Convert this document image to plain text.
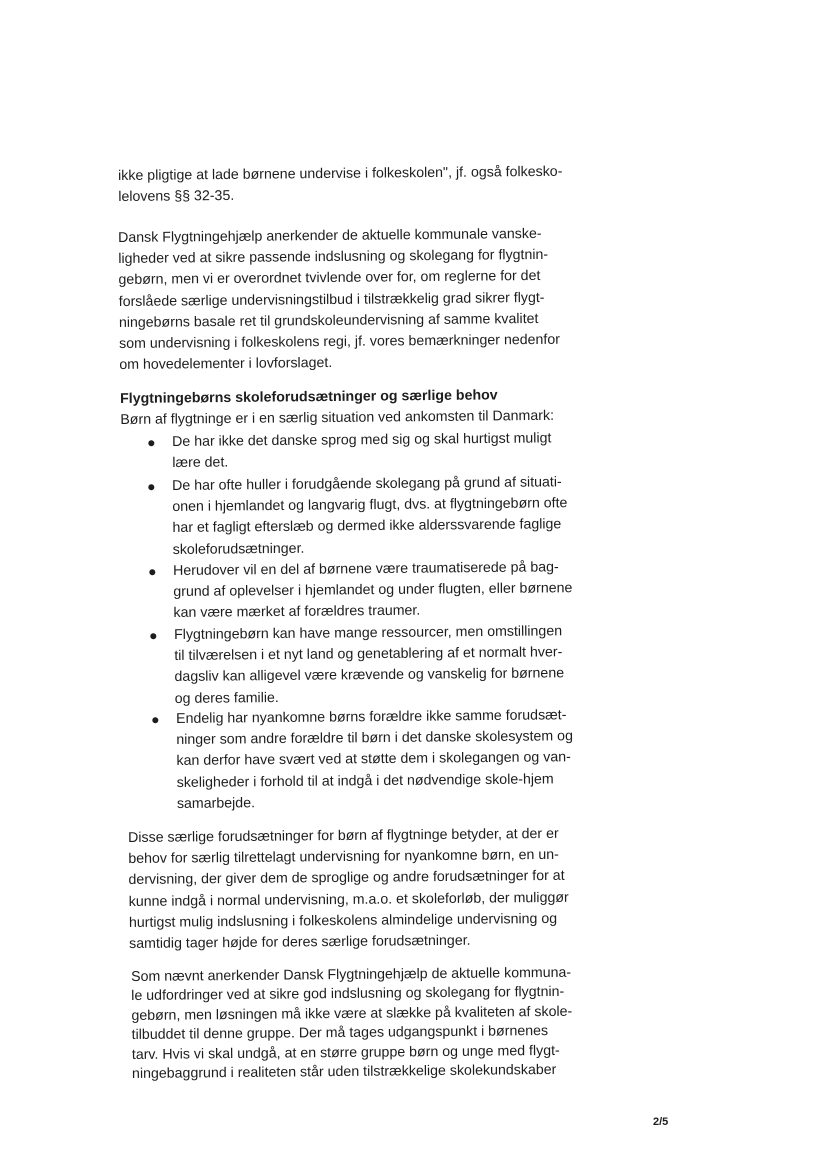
ikke pligtige at lade børnene undervise i folkeskolen", jf. også folkesko-
lelovens §§ 32-35.
Dansk Flygtningehjælp anerkender de aktuelle kommunale vanske-
ligheder ved at sikre passende indslusning og skolegang for flygtnin-
gebørn, men vi er overordnet tvivlende over for, om reglerne for det
forslåede særlige undervisningstilbud i tilstrækkelig grad sikrer flygt-
ningebørns basale ret til grundskoleundervisning af samme kvalitet
som undervisning i folkeskolens regi, jf. vores bemærkninger nedenfor
om hovedelementer i lovforslaget.
Flygtningebørns skoleforudsætninger og særlige behov
Børn af flygtninge er i en særlig situation ved ankomsten til Danmark:
● De har ikke det danske sprog med sig og skal hurtigst muligt
lære det.
● De har ofte huller i forudgående skolegang på grund af situati-
onen i hjemlandet og langvarig flugt, dvs. at flygtningebørn ofte
har et fagligt efterslæb og dermed ikke alderssvarende faglige
skoleforudsætninger.
● Herudover vil en del af børnene være traumatiserede på bag-
grund af oplevelser i hjemlandet og under flugten, eller børnene
kan være mærket af forældres traumer.
● Flygtningebørn kan have mange ressourcer, men omstillingen
til tilværelsen i et nyt land og genetablering af et normalt hver-
dagsliv kan alligevel være krævende og vanskelig for børnene
og deres familie.
● Endelig har nyankomne børns forældre ikke samme forudsæt-
ninger som andre forældre til børn i det danske skolesystem og
kan derfor have svært ved at støtte dem i skolegangen og van-
skeligheder i forhold til at indgå i det nødvendige skole-hjem
samarbejde.
Disse særlige forudsætninger for børn af flygtninge betyder, at der er
behov for særlig tilrettelagt undervisning for nyankomne børn, en un-
dervisning, der giver dem de sproglige og andre forudsætninger for at
kunne indgå i normal undervisning, m.a.o. et skoleforløb, der muliggør
hurtigst mulig indslusning i folkeskolens almindelige undervisning og
samtidig tager højde for deres særlige forudsætninger.
Som nævnt anerkender Dansk Flygtningehjælp de aktuelle kommuna-
le udfordringer ved at sikre god indslusning og skolegang for flygtnin-
gebørn, men løsningen må ikke være at slække på kvaliteten af skole-
tilbuddet til denne gruppe. Der må tages udgangspunkt i børnenes
tarv. Hvis vi skal undgå, at en større gruppe børn og unge med flygt-
ningebaggrund i realiteten står uden tilstrækkelige skolekundskaber
2/5
